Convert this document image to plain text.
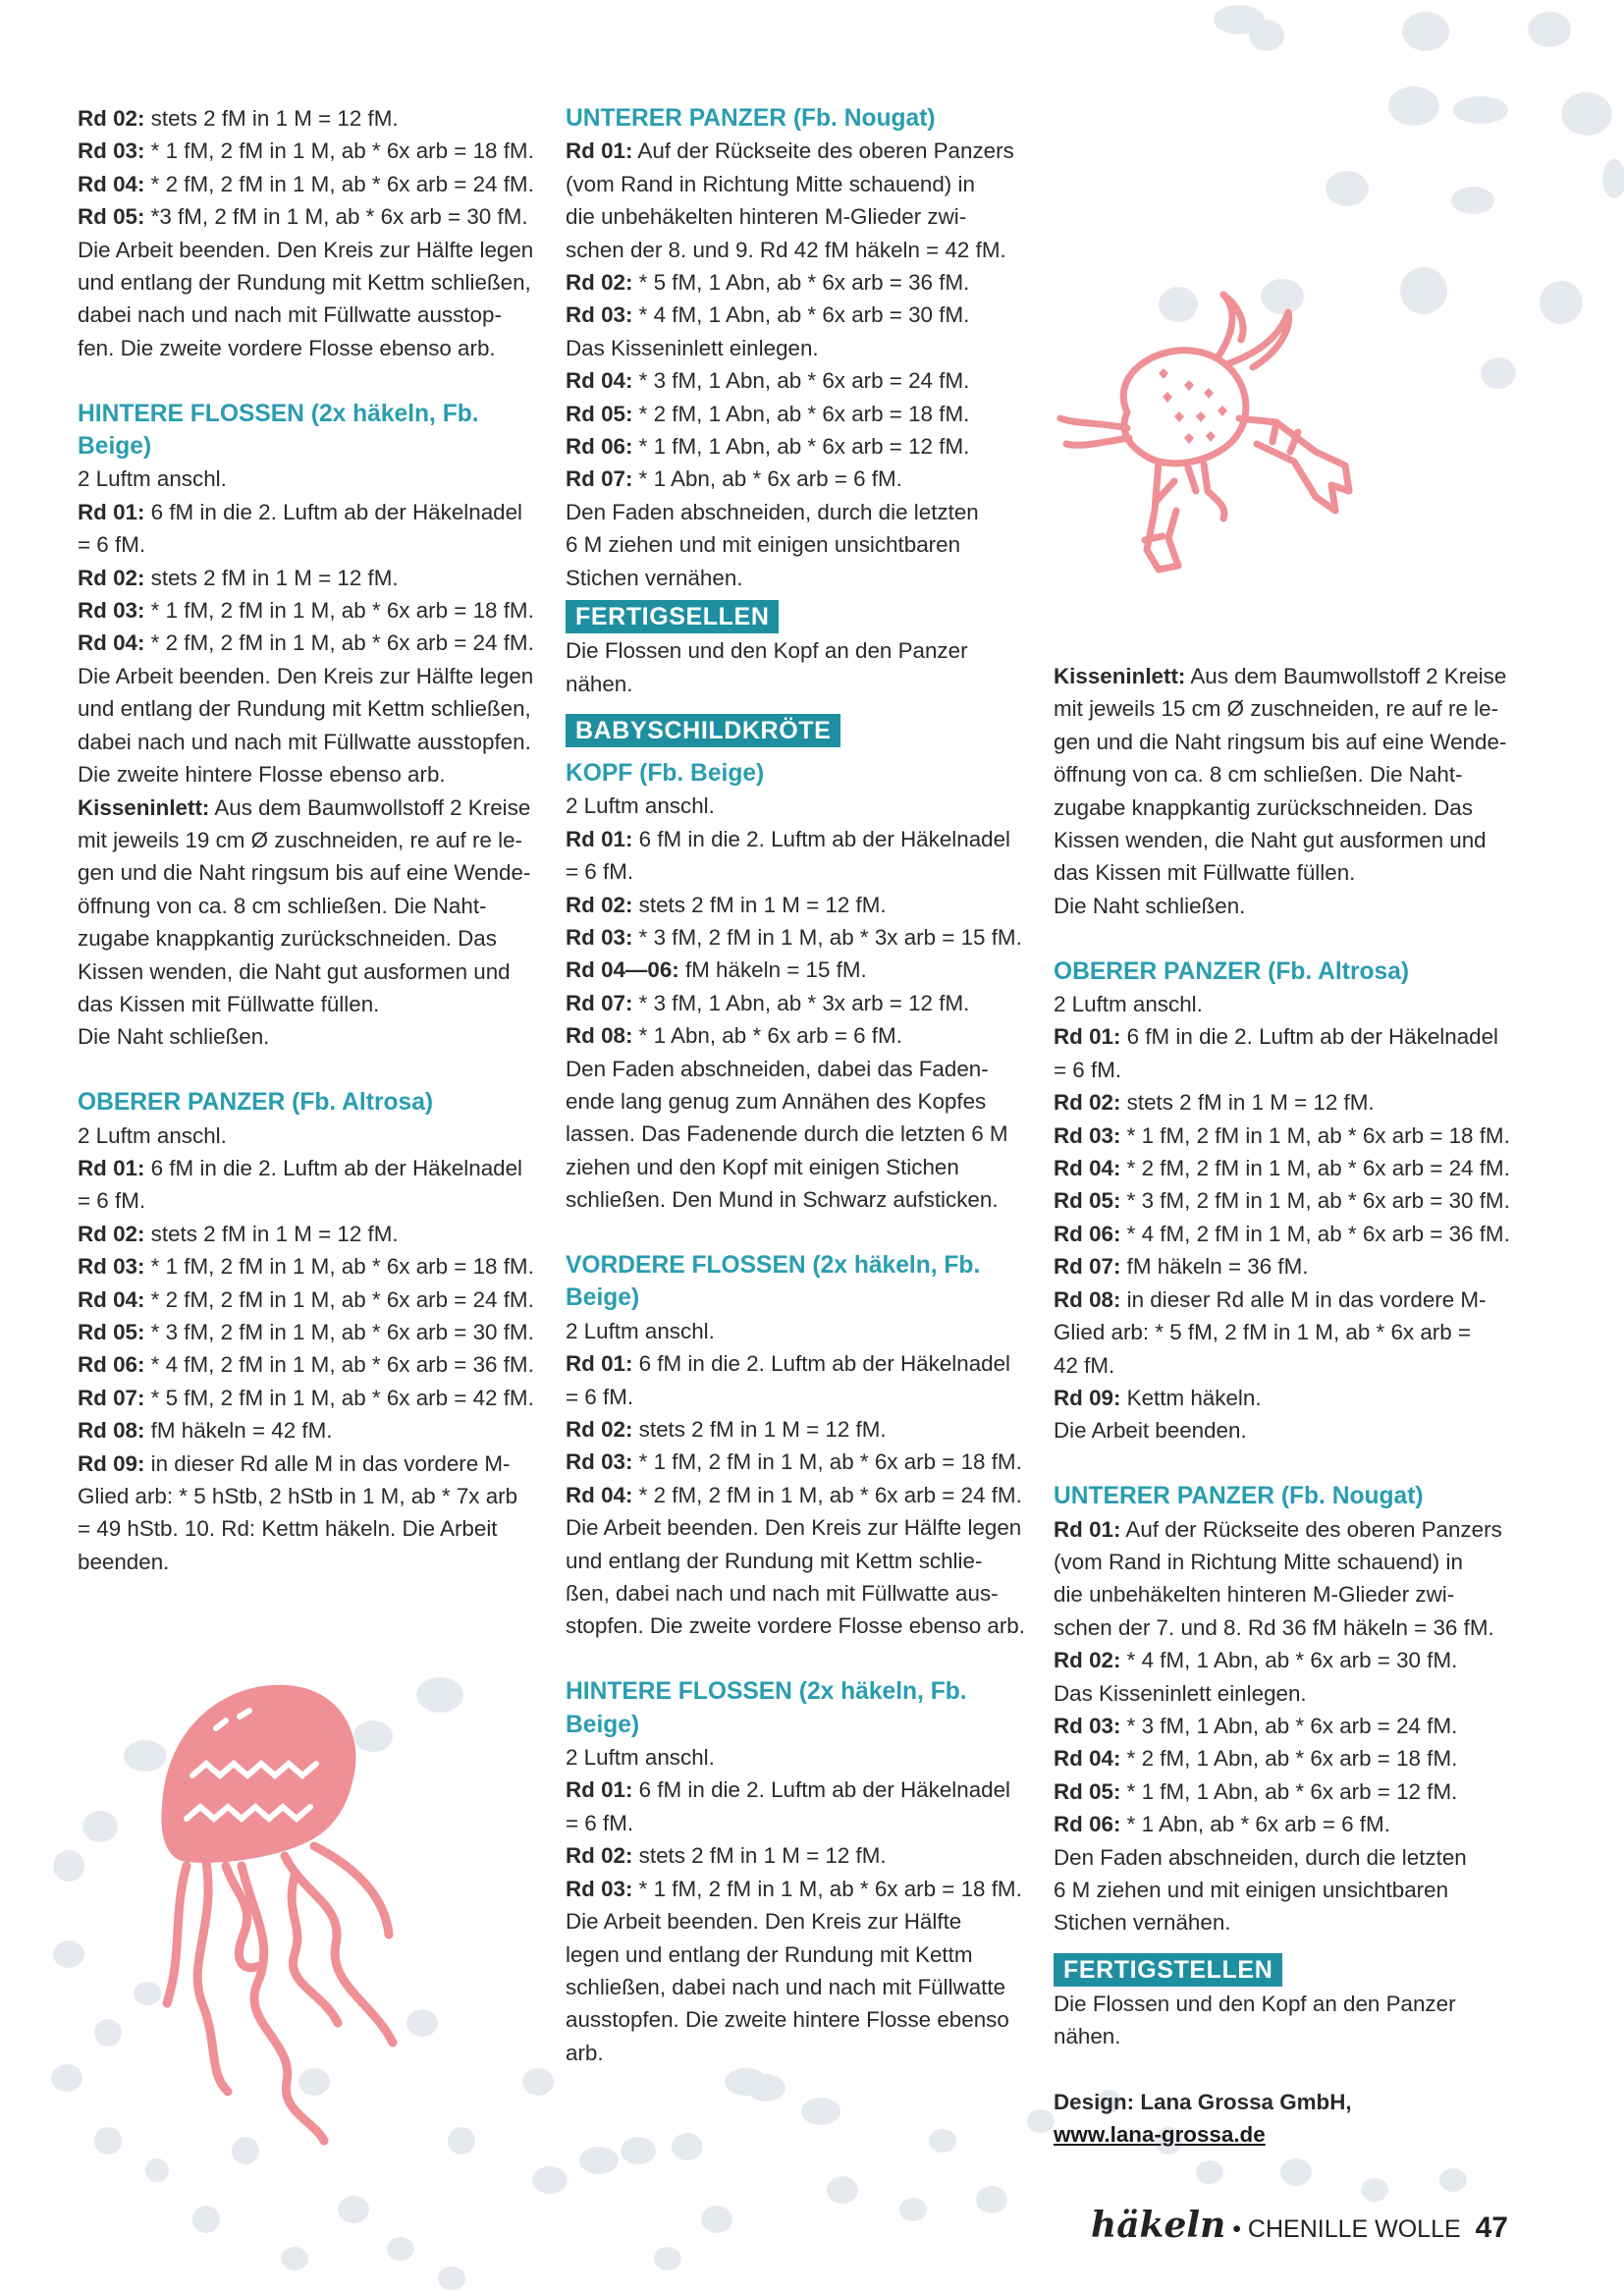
Rd 02: stets 2 fM in 1 M = 12 fM.

Rd 03: * 1 fM, 2 fM in 1 M, ab * 6x arb = 18 fM.

Rd 04: * 2 fM, 2 fM in 1 M, ab * 6x arb = 24 fM.

Rd 05: *3 fM, 2 fM in 1 M, ab * 6x arb = 30 fM.

Die Arbeit beenden. Den Kreis zur Hälfte legen

und entlang der Rundung mit Kettm schließen,

dabei nach und nach mit Füllwatte ausstop-

fen. Die zweite vordere Flosse ebenso arb.

HINTERE FLOSSEN (2x häkeln, Fb. Beige)

2 Luftm anschl.

Rd 01: 6 fM in die 2. Luftm ab der Häkelnadel

= 6 fM.

Rd 02: stets 2 fM in 1 M = 12 fM.

Rd 03: * 1 fM, 2 fM in 1 M, ab * 6x arb = 18 fM.

Rd 04: * 2 fM, 2 fM in 1 M, ab * 6x arb = 24 fM.

Die Arbeit beenden. Den Kreis zur Hälfte legen

und entlang der Rundung mit Kettm schließen,

dabei nach und nach mit Füllwatte ausstopfen.

Die zweite hintere Flosse ebenso arb.

Kisseninlett: Aus dem Baumwollstoff 2 Kreise

mit jeweils 19 cm Ø zuschneiden, re auf re le-

gen und die Naht ringsum bis auf eine Wende-

öffnung von ca. 8 cm schließen. Die Naht-

zugabe knappkantig zurückschneiden. Das

Kissen wenden, die Naht gut ausformen und

das Kissen mit Füllwatte füllen.

Die Naht schließen.

OBERER PANZER (Fb. Altrosa)

2 Luftm anschl.

Rd 01: 6 fM in die 2. Luftm ab der Häkelnadel

= 6 fM.

Rd 02: stets 2 fM in 1 M = 12 fM.

Rd 03: * 1 fM, 2 fM in 1 M, ab * 6x arb = 18 fM.

Rd 04: * 2 fM, 2 fM in 1 M, ab * 6x arb = 24 fM.

Rd 05: * 3 fM, 2 fM in 1 M, ab * 6x arb = 30 fM.

Rd 06: * 4 fM, 2 fM in 1 M, ab * 6x arb = 36 fM.

Rd 07: * 5 fM, 2 fM in 1 M, ab * 6x arb = 42 fM.

Rd 08: fM häkeln = 42 fM.

Rd 09: in dieser Rd alle M in das vordere M-

Glied arb: * 5 hStb, 2 hStb in 1 M, ab * 7x arb

= 49 hStb. 10. Rd: Kettm häkeln. Die Arbeit

beenden.

UNTERER PANZER (Fb. Nougat)

Rd 01: Auf der Rückseite des oberen Panzers

(vom Rand in Richtung Mitte schauend) in

die unbehäkelten hinteren M-Glieder zwi-

schen der 8. und 9. Rd 42 fM häkeln = 42 fM.

Rd 02: * 5 fM, 1 Abn, ab * 6x arb = 36 fM.

Rd 03: * 4 fM, 1 Abn, ab * 6x arb = 30 fM.

Das Kisseninlett einlegen.

Rd 04: * 3 fM, 1 Abn, ab * 6x arb = 24 fM.

Rd 05: * 2 fM, 1 Abn, ab * 6x arb = 18 fM.

Rd 06: * 1 fM, 1 Abn, ab * 6x arb = 12 fM.

Rd 07: * 1 Abn, ab * 6x arb = 6 fM.

Den Faden abschneiden, durch die letzten

6 M ziehen und mit einigen unsichtbaren

Stichen vernähen.

FERTIGSELLEN

Die Flossen und den Kopf an den Panzer nähen.

BABYSCHILDKRÖTE

KOPF (Fb. Beige)

2 Luftm anschl.

Rd 01: 6 fM in die 2. Luftm ab der Häkelnadel

= 6 fM.

Rd 02: stets 2 fM in 1 M = 12 fM.

Rd 03: * 3 fM, 2 fM in 1 M, ab * 3x arb = 15 fM.

Rd 04—06: fM häkeln = 15 fM.

Rd 07: * 3 fM, 1 Abn, ab * 3x arb = 12 fM.

Rd 08: * 1 Abn, ab * 6x arb = 6 fM.

Den Faden abschneiden, dabei das Faden-

ende lang genug zum Annähen des Kopfes

lassen. Das Fadenende durch die letzten 6 M

ziehen und den Kopf mit einigen Stichen

schließen. Den Mund in Schwarz aufsticken.

VORDERE FLOSSEN (2x häkeln, Fb. Beige)

2 Luftm anschl.

Rd 01: 6 fM in die 2. Luftm ab der Häkelnadel

= 6 fM.

Rd 02: stets 2 fM in 1 M = 12 fM.

Rd 03: * 1 fM, 2 fM in 1 M, ab * 6x arb = 18 fM.

Rd 04: * 2 fM, 2 fM in 1 M, ab * 6x arb = 24 fM.

Die Arbeit beenden. Den Kreis zur Hälfte legen

und entlang der Rundung mit Kettm schlie-

ßen, dabei nach und nach mit Füllwatte aus-

stopfen. Die zweite vordere Flosse ebenso arb.

HINTERE FLOSSEN (2x häkeln, Fb. Beige)

2 Luftm anschl.

Rd 01: 6 fM in die 2. Luftm ab der Häkelnadel

= 6 fM.

Rd 02: stets 2 fM in 1 M = 12 fM.

Rd 03: * 1 fM, 2 fM in 1 M, ab * 6x arb = 18 fM.

Die Arbeit beenden. Den Kreis zur Hälfte

legen und entlang der Rundung mit Kettm

schließen, dabei nach und nach mit Füllwatte

ausstopfen. Die zweite hintere Flosse ebenso

arb.

Kisseninlett: Aus dem Baumwollstoff 2 Kreise

mit jeweils 15 cm Ø zuschneiden, re auf re le-

gen und die Naht ringsum bis auf eine Wende-

öffnung von ca. 8 cm schließen. Die Naht-

zugabe knappkantig zurückschneiden. Das

Kissen wenden, die Naht gut ausformen und

das Kissen mit Füllwatte füllen.

Die Naht schließen.

OBERER PANZER (Fb. Altrosa)

2 Luftm anschl.

Rd 01: 6 fM in die 2. Luftm ab der Häkelnadel

= 6 fM.

Rd 02: stets 2 fM in 1 M = 12 fM.

Rd 03: * 1 fM, 2 fM in 1 M, ab * 6x arb = 18 fM.

Rd 04: * 2 fM, 2 fM in 1 M, ab * 6x arb = 24 fM.

Rd 05: * 3 fM, 2 fM in 1 M, ab * 6x arb = 30 fM.

Rd 06: * 4 fM, 2 fM in 1 M, ab * 6x arb = 36 fM.

Rd 07: fM häkeln = 36 fM.

Rd 08: in dieser Rd alle M in das vordere M-

Glied arb: * 5 fM, 2 fM in 1 M, ab * 6x arb =

42 fM.

Rd 09: Kettm häkeln.

Die Arbeit beenden.

UNTERER PANZER (Fb. Nougat)

Rd 01: Auf der Rückseite des oberen Panzers

(vom Rand in Richtung Mitte schauend) in

die unbehäkelten hinteren M-Glieder zwi-

schen der 7. und 8. Rd 36 fM häkeln = 36 fM.

Rd 02: * 4 fM, 1 Abn, ab * 6x arb = 30 fM.

Das Kisseninlett einlegen.

Rd 03: * 3 fM, 1 Abn, ab * 6x arb = 24 fM.

Rd 04: * 2 fM, 1 Abn, ab * 6x arb = 18 fM.

Rd 05: * 1 fM, 1 Abn, ab * 6x arb = 12 fM.

Rd 06: * 1 Abn, ab * 6x arb = 6 fM.

Den Faden abschneiden, durch die letzten

6 M ziehen und mit einigen unsichtbaren

Stichen vernähen.

FERTIGSTELLEN

Die Flossen und den Kopf an den Panzer nähen.

Design: Lana Grossa GmbH,

www.lana-grossa.de

häkeln • CHENILLE WOLLE 47
